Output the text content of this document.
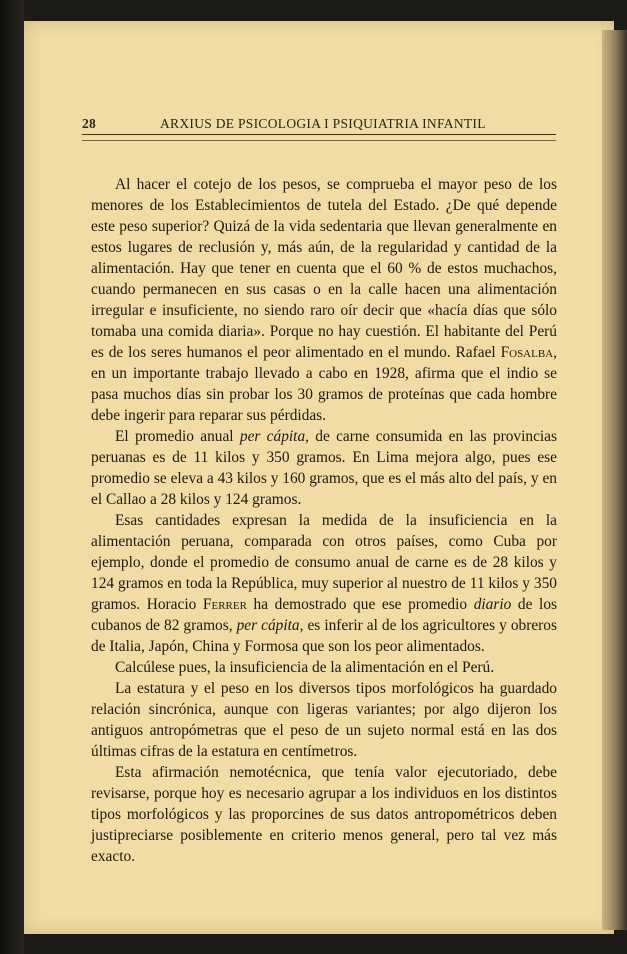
28	ARXIUS DE PSICOLOGIA I PSIQUIATRIA INFANTIL

Al hacer el cotejo de los pesos, se comprueba el mayor peso de los menores de los Establecimientos de tutela del Estado. ¿De qué depende este peso superior? Quizá de la vida sedentaria que llevan generalmente en estos lugares de reclusión y, más aún, de la regularidad y cantidad de la alimentación. Hay que tener en cuenta que el 60 % de estos muchachos, cuando permanecen en sus casas o en la calle hacen una alimentación irregular e insuficiente, no siendo raro oír decir que «hacía días que sólo tomaba una comida diaria». Porque no hay cuestión. El habitante del Perú es de los seres humanos el peor alimentado en el mundo. Rafael Fosalba, en un importante trabajo llevado a cabo en 1928, afirma que el indio se pasa muchos días sin probar los 30 gramos de proteínas que cada hombre debe ingerir para reparar sus pérdidas.

El promedio anual per cápita, de carne consumida en las provincias peruanas es de 11 kilos y 350 gramos. En Lima mejora algo, pues ese promedio se eleva a 43 kilos y 160 gramos, que es el más alto del país, y en el Callao a 28 kilos y 124 gramos.

Esas cantidades expresan la medida de la insuficiencia en la alimentación peruana, comparada con otros países, como Cuba por ejemplo, donde el promedio de consumo anual de carne es de 28 kilos y 124 gramos en toda la República, muy superior al nuestro de 11 kilos y 350 gramos. Horacio Ferrer ha demostrado que ese promedio diario de los cubanos de 82 gramos, per cápita, es inferir al de los agricultores y obreros de Italia, Japón, China y Formosa que son los peor alimentados.

Calcúlese pues, la insuficiencia de la alimentación en el Perú.

La estatura y el peso en los diversos tipos morfológicos ha guardado relación sincrónica, aunque con ligeras variantes; por algo dijeron los antiguos antropómetras que el peso de un sujeto normal está en las dos últimas cifras de la estatura en centímetros.

Esta afirmación nemotécnica, que tenía valor ejecutoriado, debe revisarse, porque hoy es necesario agrupar a los individuos en los distintos tipos morfológicos y las proporcines de sus datos antropométricos deben justipreciarse posiblemente en criterio menos general, pero tal vez más exacto.
